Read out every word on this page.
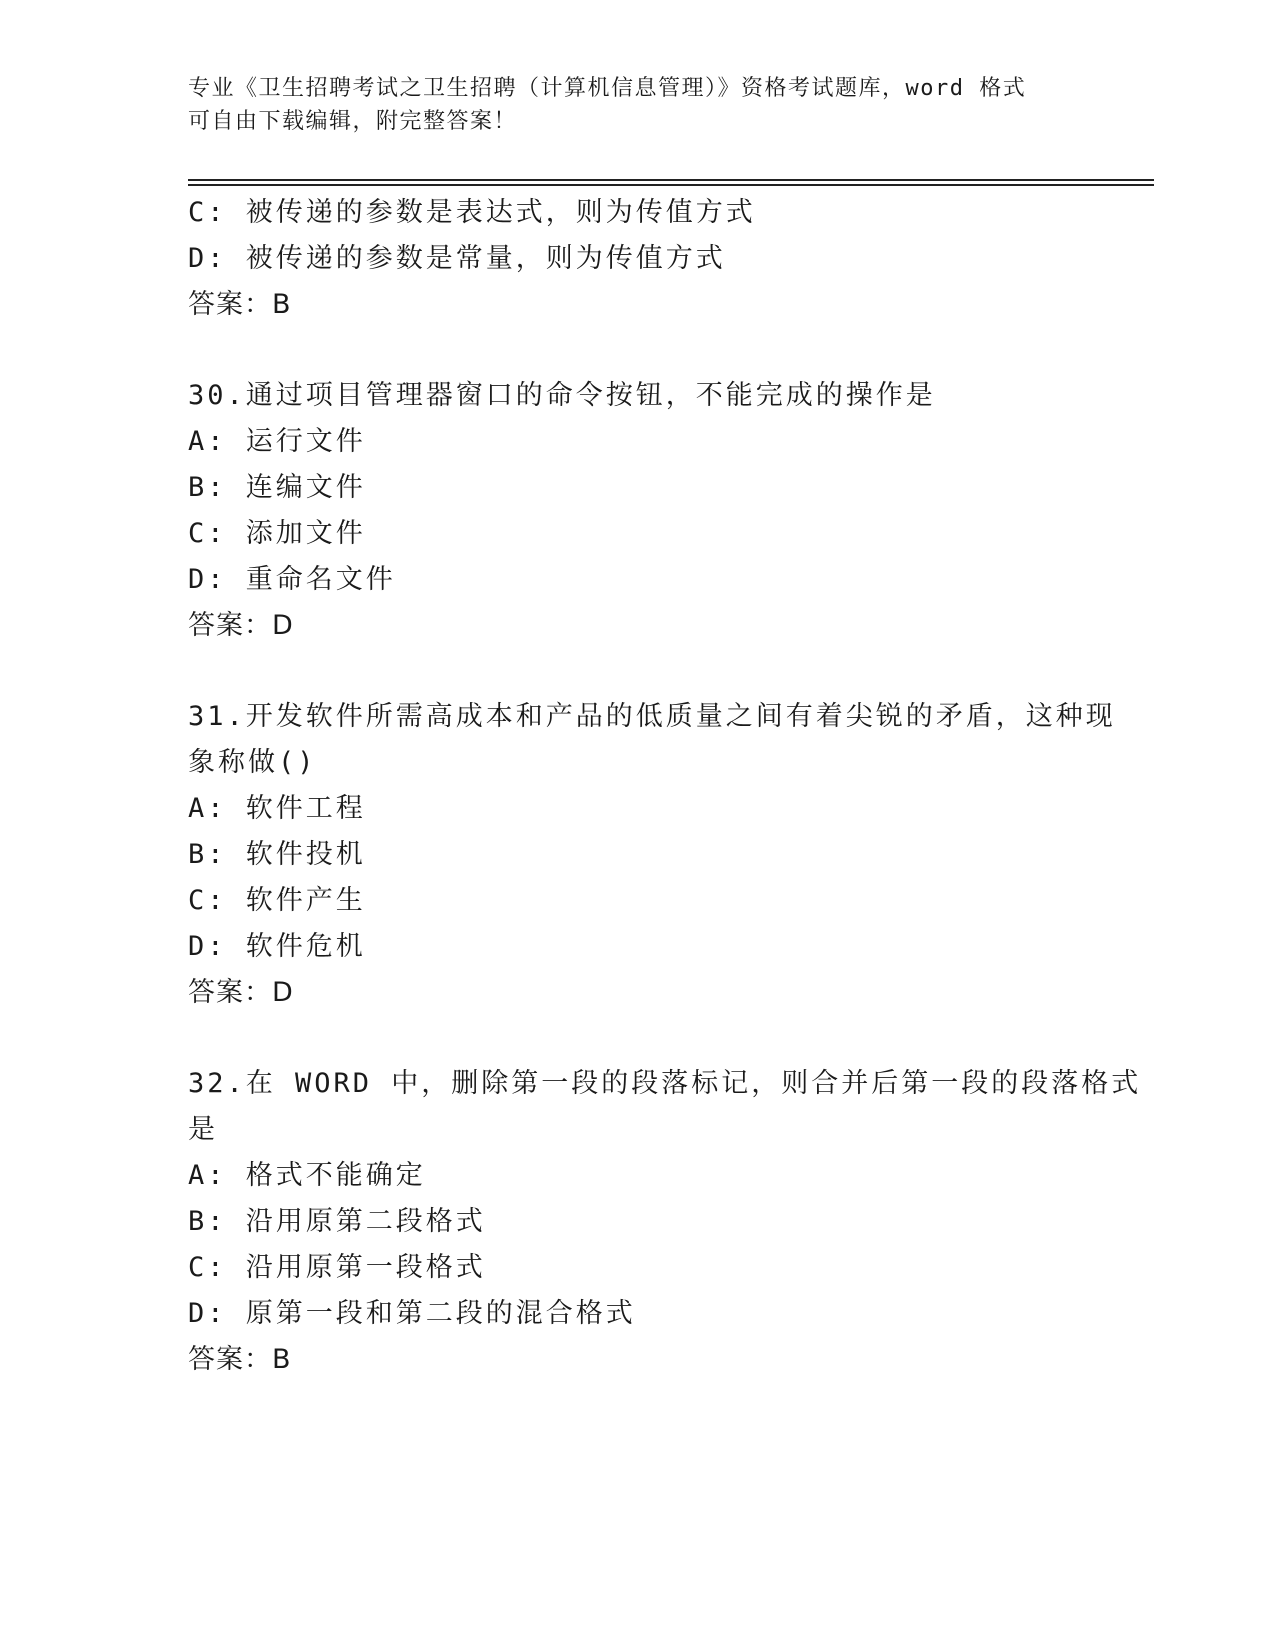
专业《卫生招聘考试之卫生招聘（计算机信息管理）》资格考试题库，word 格式
可自由下载编辑，附完整答案！
C: 被传递的参数是表达式，则为传值方式
D: 被传递的参数是常量，则为传值方式
答案：B
30.通过项目管理器窗口的命令按钮，不能完成的操作是
A: 运行文件
B: 连编文件
C: 添加文件
D: 重命名文件
答案：D
31.开发软件所需高成本和产品的低质量之间有着尖锐的矛盾，这种现
象称做()
A: 软件工程
B: 软件投机
C: 软件产生
D: 软件危机
答案：D
32.在 WORD 中，删除第一段的段落标记，则合并后第一段的段落格式
是
A: 格式不能确定
B: 沿用原第二段格式
C: 沿用原第一段格式
D: 原第一段和第二段的混合格式
答案：B
